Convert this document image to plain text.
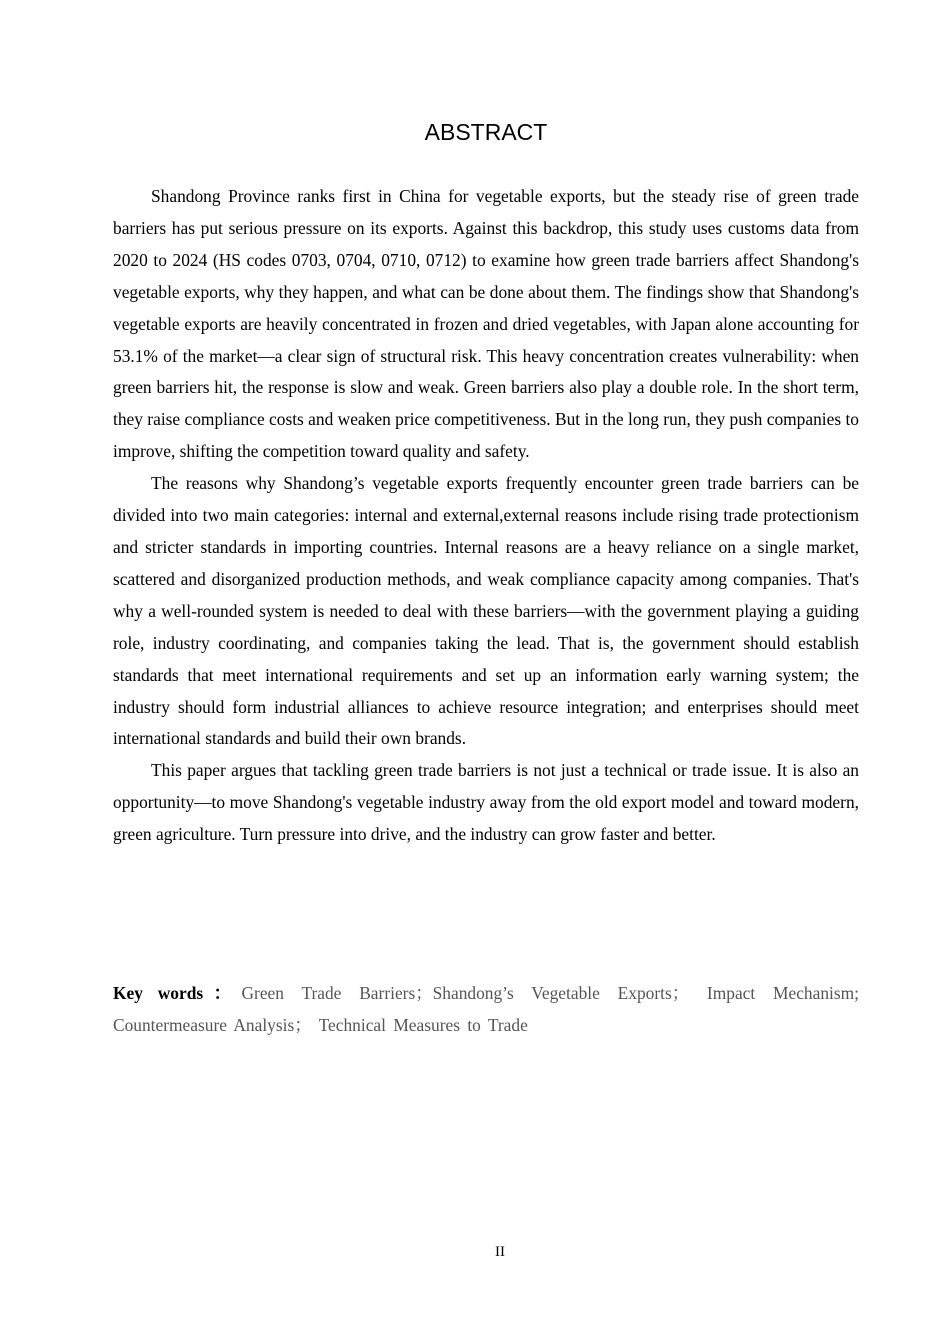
ABSTRACT

Shandong Province ranks first in China for vegetable exports, but the steady rise of green trade barriers has put serious pressure on its exports. Against this backdrop, this study uses customs data from 2020 to 2024 (HS codes 0703, 0704, 0710, 0712) to examine how green trade barriers affect Shandong's vegetable exports, why they happen, and what can be done about them. The findings show that Shandong's vegetable exports are heavily concentrated in frozen and dried vegetables, with Japan alone accounting for 53.1% of the market—a clear sign of structural risk. This heavy concentration creates vulnerability: when green barriers hit, the response is slow and weak. Green barriers also play a double role. In the short term, they raise compliance costs and weaken price competitiveness. But in the long run, they push companies to improve, shifting the competition toward quality and safety.

The reasons why Shandong’s vegetable exports frequently encounter green trade barriers can be divided into two main categories: internal and external,external reasons include rising trade protectionism and stricter standards in importing countries. Internal reasons are a heavy reliance on a single market, scattered and disorganized production methods, and weak compliance capacity among companies. That's why a well-rounded system is needed to deal with these barriers—with the government playing a guiding role, industry coordinating, and companies taking the lead. That is, the government should establish standards that meet international requirements and set up an information early warning system; the industry should form industrial alliances to achieve resource integration; and enterprises should meet international standards and build their own brands.

This paper argues that tackling green trade barriers is not just a technical or trade issue. It is also an opportunity—to move Shandong's vegetable industry away from the old export model and toward modern, green agriculture. Turn pressure into drive, and the industry can grow faster and better.

Key words：Green Trade Barriers；Shandong’s Vegetable Exports； Impact Mechanism; Countermeasure Analysis； Technical Measures to Trade

II
